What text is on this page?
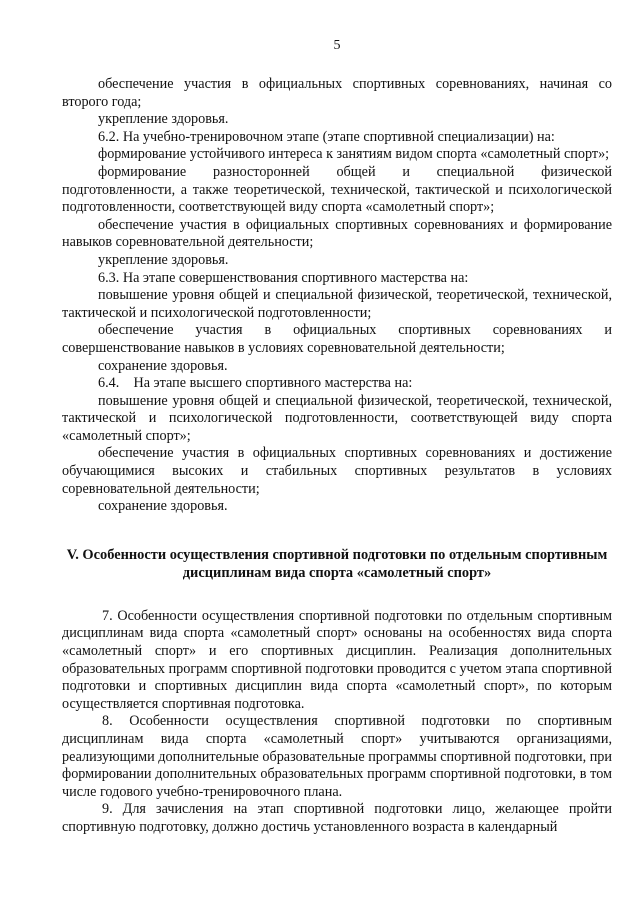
5

обеспечение участия в официальных спортивных соревнованиях, начиная со второго года;

укрепление здоровья.

6.2. На учебно-тренировочном этапе (этапе спортивной специализации) на:

формирование устойчивого интереса к занятиям видом спорта «самолетный спорт»;

формирование разносторонней общей и специальной физической подготовленности, а также теоретической, технической, тактической и психологической подготовленности, соответствующей виду спорта «самолетный спорт»;

обеспечение участия в официальных спортивных соревнованиях и формирование навыков соревновательной деятельности;

укрепление здоровья.

6.3. На этапе совершенствования спортивного мастерства на:

повышение уровня общей и специальной физической, теоретической, технической, тактической и психологической подготовленности;

обеспечение участия в официальных спортивных соревнованиях и совершенствование навыков в условиях соревновательной деятельности;

сохранение здоровья.

6.4.    На этапе высшего спортивного мастерства на:

повышение уровня общей и специальной физической, теоретической, технической, тактической и психологической подготовленности, соответствующей виду спорта «самолетный спорт»;

обеспечение участия в официальных спортивных соревнованиях и достижение обучающимися высоких и стабильных спортивных результатов в условиях соревновательной деятельности;

сохранение здоровья.

V. Особенности осуществления спортивной подготовки по отдельным спортивным дисциплинам вида спорта «самолетный спорт»

7. Особенности осуществления спортивной подготовки по отдельным спортивным дисциплинам вида спорта «самолетный спорт» основаны на особенностях вида спорта «самолетный спорт» и его спортивных дисциплин. Реализация дополнительных образовательных программ спортивной подготовки проводится с учетом этапа спортивной подготовки и спортивных дисциплин вида спорта «самолетный спорт», по которым осуществляется спортивная подготовка.

8. Особенности осуществления спортивной подготовки по спортивным дисциплинам вида спорта «самолетный спорт» учитываются организациями, реализующими дополнительные образовательные программы спортивной подготовки, при формировании дополнительных образовательных программ спортивной подготовки, в том числе годового учебно-тренировочного плана.

9. Для зачисления на этап спортивной подготовки лицо, желающее пройти спортивную подготовку, должно достичь установленного возраста в календарный
